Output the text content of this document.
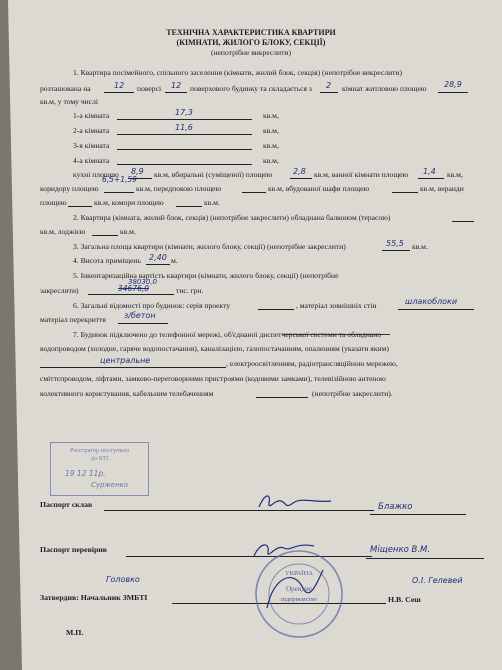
ТЕХНІЧНА ХАРАКТЕРИСТИКА КВАРТИРИ
(КІМНАТИ, ЖИЛОГО БЛОКУ, СЕКЦІЇ)
(непотрібне викреслити)
1. Квартира посімейного, спільного заселення (кімнати, жилий блок, секція) (непотрібне викреслити)
розташована на	12 поверсі 12 поверхового будинку та складається з 2 кімнат житловою площею 28,9
кв.м, у тому числі
1-а кімната	17,3	кв.м,
2-а кімната	11,6	кв.м,
3-я кімната	кв.м,
4-а кімната	кв.м,
кухні площею 8,9 кв.м, вбиральні (суміщеної) площею	2,8 кв.м, ванної кімнати площею 1,4 кв.м,
6,5+1,59
коридору площею	кв.м, передпокою площею	кв.м, вбудованої шафи площею	кв.м, веранди
площею	кв.м, комори площею	кв.м.
2. Квартира (кімната, жилий блок, секція) (непотрібне закреслити) обладнана балконом (терасою)
кв.м, лоджією	кв.м.
3. Загальна площа квартири (кімнати, жилого блоку, секції) (непотрібне закреслити)	55,5 кв.м.
4. Висота приміщень 2,40 м.
5. Інвентаризаційна вартість квартири (кімнати, жилого блоку, секції) (непотрібне
38030,0
закреслити)	34676,0	тис. грн.
6. Загальні відомості про будинок: серія проекту	, матеріал зовнішніх стін	шлакоблоки
матеріал перекриття з/бетон
7. Будинок підключено до телефонної мережі, об'єднаної диспетчерської системи та обладнано
водопроводом (холодне, гаряче водопостачання), каналізацією, газопостачанням, опаленням (указати яким)
центральне	, електроосвітленням, радіотрансляційною мережею,
сміттєпроводом, ліфтами, замково-переговорними пристроями (кодовими замками), телевізійною антеною
колективного користування, кабельним телебаченням	(непотрібне закреслити).
Реєстратор поступило
до БТІ
19 12 11р.
Сурженко
Паспорт склав	Блажко
Паспорт перевірив	Міщенко В.М.
Головко	О.І. Гелевей
Затвердив: Начальник ЗМБТІ	Н.В. Сеш
УКРАЇНА
Орендне
підприємство
М.П.
